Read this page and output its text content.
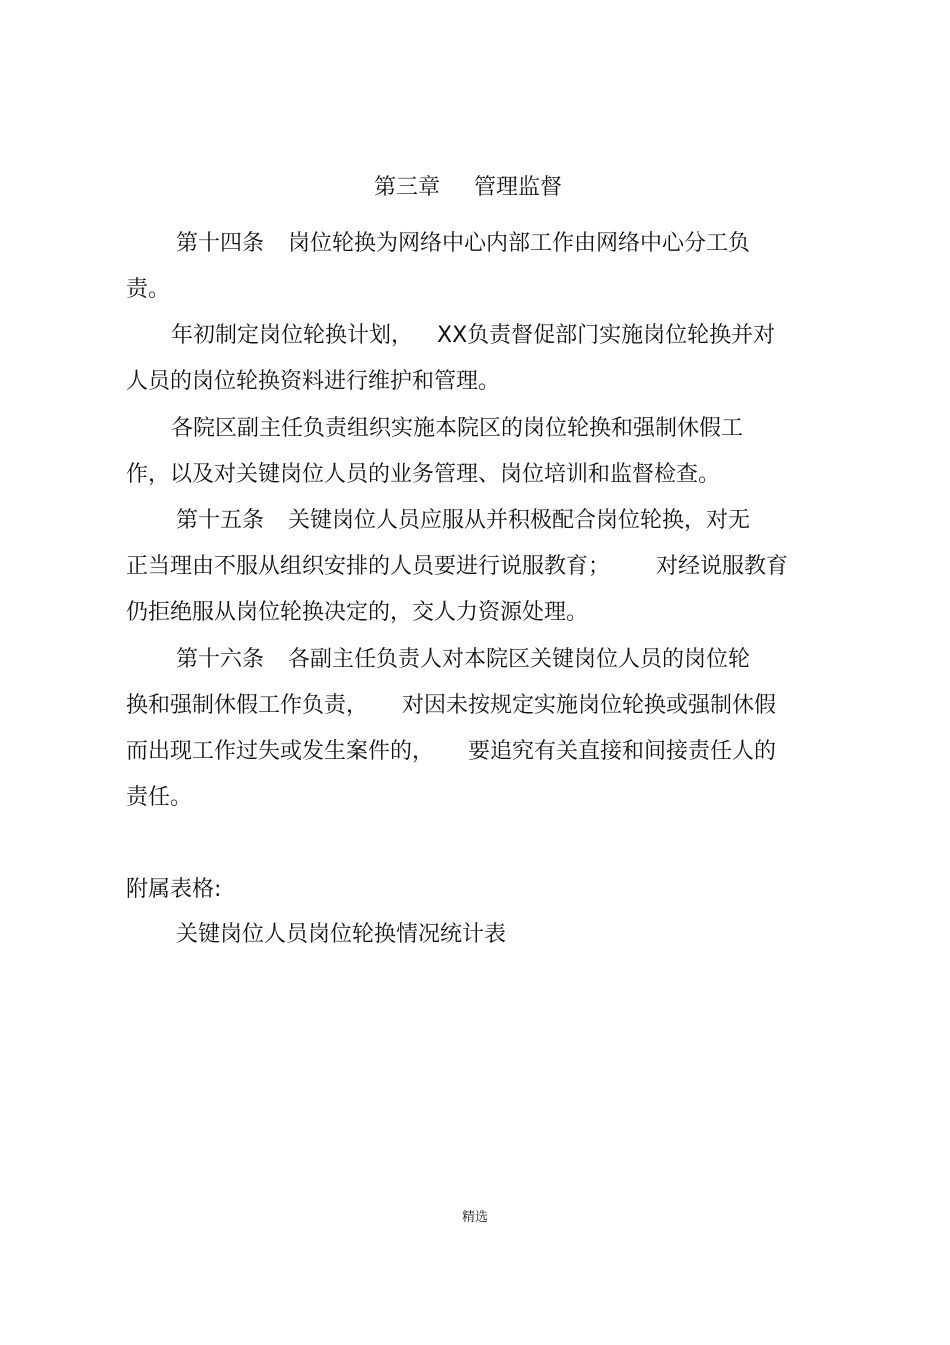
第三章 管理监督
第十四条 岗位轮换为网络中心内部工作由网络中心分工负
责。
年初制定岗位轮换计划， XX负责督促部门实施岗位轮换并对
人员的岗位轮换资料进行维护和管理。
各院区副主任负责组织实施本院区的岗位轮换和强制休假工
作，以及对关键岗位人员的业务管理、岗位培训和监督检查。
第十五条 关键岗位人员应服从并积极配合岗位轮换，对无
正当理由不服从组织安排的人员要进行说服教育； 对经说服教育
仍拒绝服从岗位轮换决定的，交人力资源处理。
第十六条 各副主任负责人对本院区关键岗位人员的岗位轮
换和强制休假工作负责， 对因未按规定实施岗位轮换或强制休假
而出现工作过失或发生案件的， 要追究有关直接和间接责任人的
责任。
附属表格:
关键岗位人员岗位轮换情况统计表
精选
